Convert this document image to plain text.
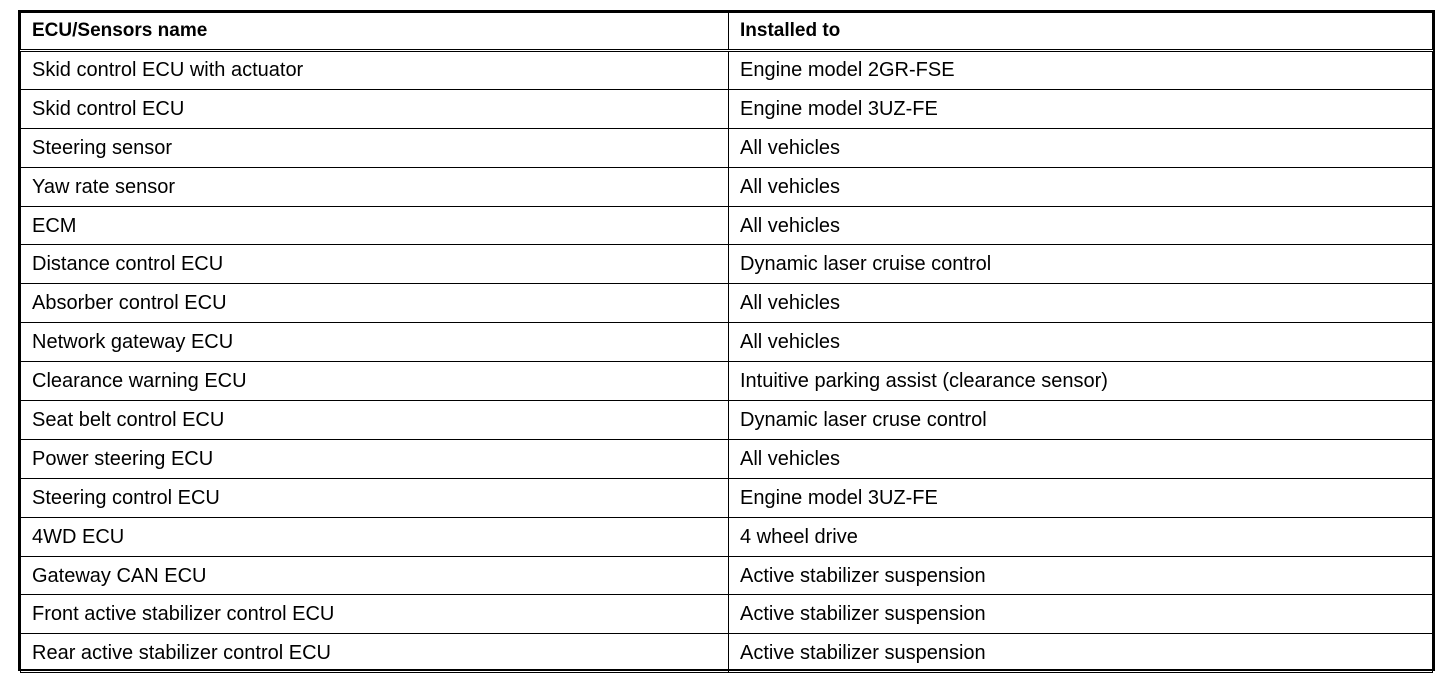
ECU/Sensors name	Installed to
Skid control ECU with actuator	Engine model 2GR-FSE
Skid control ECU	Engine model 3UZ-FE
Steering sensor	All vehicles
Yaw rate sensor	All vehicles
ECM	All vehicles
Distance control ECU	Dynamic laser cruise control
Absorber control ECU	All vehicles
Network gateway ECU	All vehicles
Clearance warning ECU	Intuitive parking assist (clearance sensor)
Seat belt control ECU	Dynamic laser cruse control
Power steering ECU	All vehicles
Steering control ECU	Engine model 3UZ-FE
4WD ECU	4 wheel drive
Gateway CAN ECU	Active stabilizer suspension
Front active stabilizer control ECU	Active stabilizer suspension
Rear active stabilizer control ECU	Active stabilizer suspension
